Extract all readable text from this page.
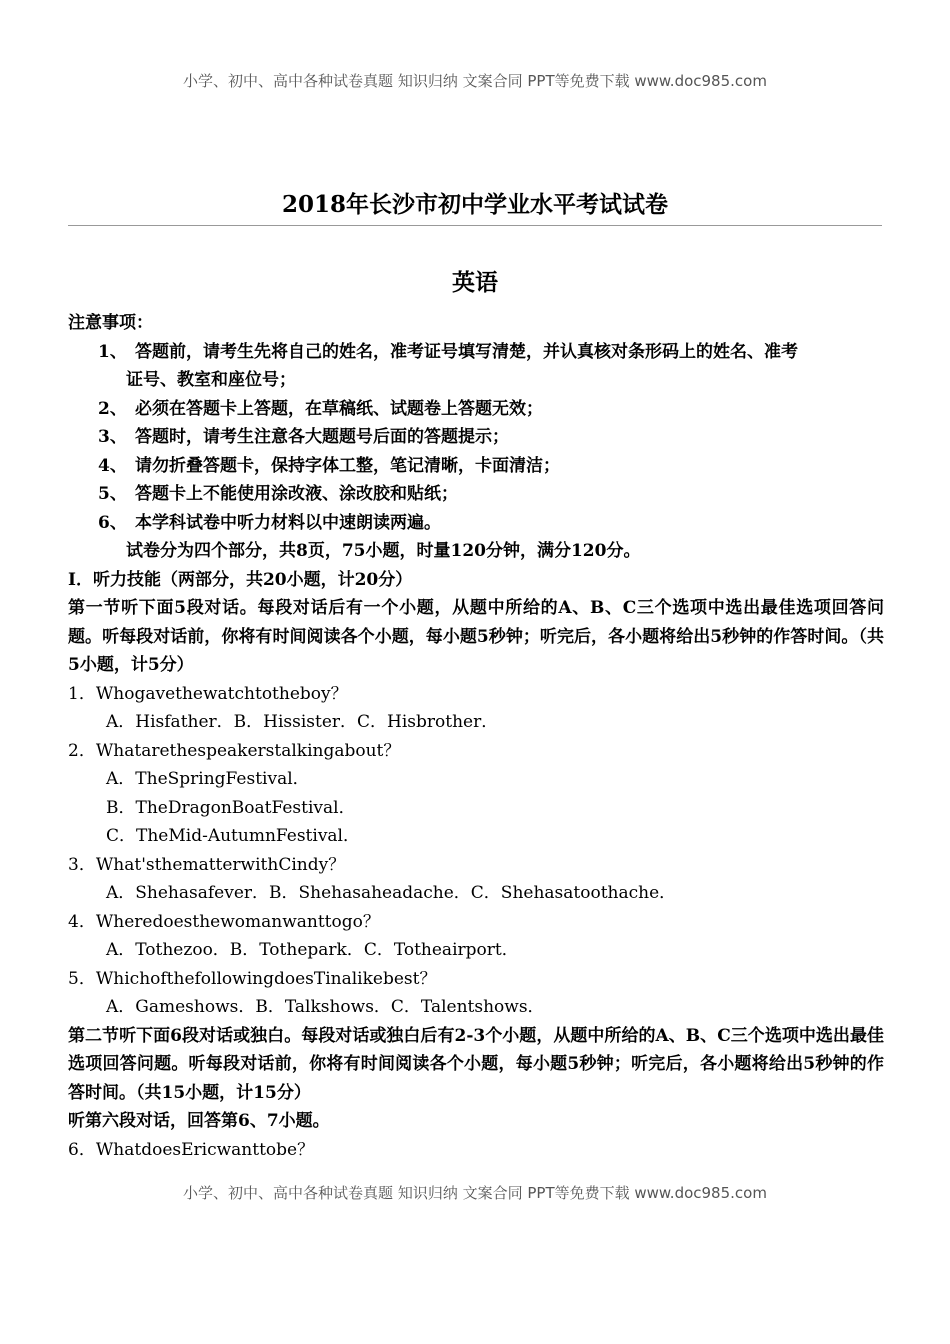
小学、初中、高中各种试卷真题 知识归纳 文案合同 PPT等免费下载 www.doc985.com
2018年长沙市初中学业水平考试试卷
英语
注意事项：
1、 答题前，请考生先将自己的姓名，准考证号填写清楚，并认真核对条形码上的姓名、准考
证号、教室和座位号；
2、 必须在答题卡上答题，在草稿纸、试题卷上答题无效；
3、 答题时，请考生注意各大题题号后面的答题提示；
4、 请勿折叠答题卡，保持字体工整，笔记清晰，卡面清洁；
5、 答题卡上不能使用涂改液、涂改胶和贴纸；
6、 本学科试卷中听力材料以中速朗读两遍。
试卷分为四个部分，共8页，75小题，时量120分钟，满分120分。
Ⅰ．听力技能（两部分，共20小题，计20分）
第一节听下面5段对话。每段对话后有一个小题，从题中所给的A、B、C三个选项中选出最佳选项回答问题。听每段对话前，你将有时间阅读各个小题，每小题5秒钟；听完后，各小题将给出5秒钟的作答时间。（共5小题，计5分）
1．Whogavethewatchtotheboy？
A．Hisfather．B．Hissister．C．Hisbrother．
2．Whatarethespeakerstalkingabout？
A．TheSpringFestival．
B．TheDragonBoatFestival．
C．TheMid-AutumnFestival．
3．What'sthematterwithCindy？
A．Shehasafever．B．Shehasaheadache．C．Shehasatoothache．
4．Wheredoesthewomanwanttogo？
A．Tothezoo．B．Tothepark．C．Totheairport．
5．WhichofthefollowingdoesTinalikebest？
A．Gameshows．B．Talkshows．C．Talentshows．
第二节听下面6段对话或独白。每段对话或独白后有2-3个小题，从题中所给的A、B、C三个选项中选出最佳选项回答问题。听每段对话前，你将有时间阅读各个小题，每小题5秒钟；听完后，各小题将给出5秒钟的作答时间。（共15小题，计15分）
听第六段对话，回答第6、7小题。
6．WhatdoesEricwanttobe？
小学、初中、高中各种试卷真题 知识归纳 文案合同 PPT等免费下载 www.doc985.com
